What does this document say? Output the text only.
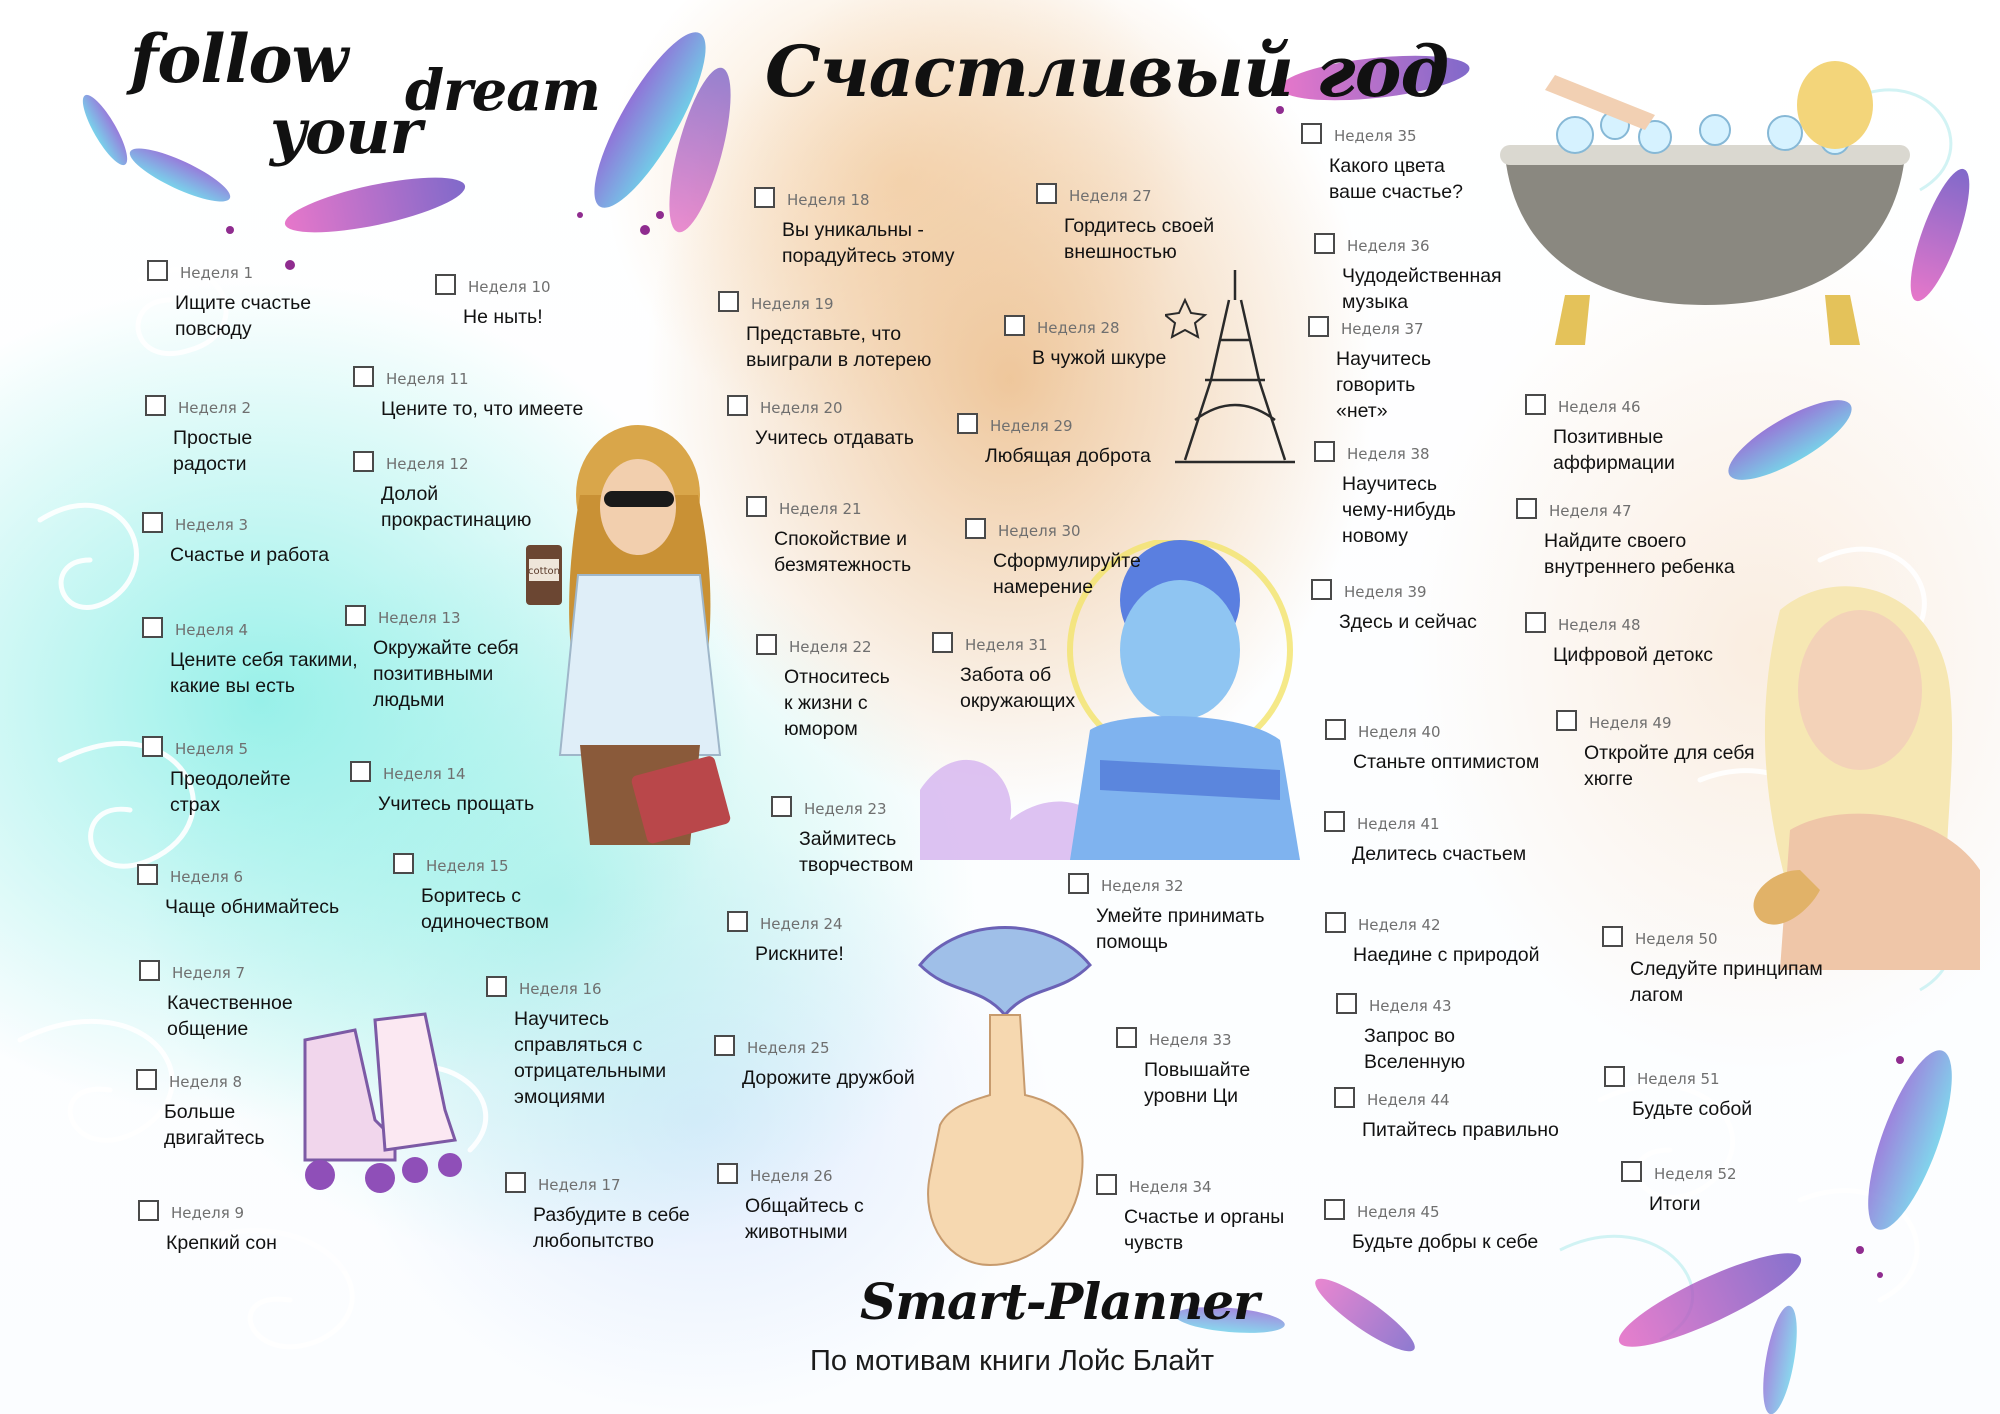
cotton
follow
your
dream Счастливый год
Неделя 1
Ищите счастье
повсюду
Неделя 2
Простые
радости
Неделя 3
Счастье и работа
Неделя 4
Цените себя такими,
какие вы есть
Неделя 5
Преодолейте
страх
Неделя 6
Чаще обнимайтесь
Неделя 7
Качественное
общение
Неделя 8
Больше
двигайтесь
Неделя 9
Крепкий сон
Неделя 10
Не ныть!
Неделя 11
Цените то, что имеете
Неделя 12
Долой
прокрастинацию
Неделя 13
Окружайте себя
позитивными
людьми
Неделя 14
Учитесь прощать
Неделя 15
Боритесь с
одиночеством
Неделя 16
Научитесь
справляться с
отрицательными
эмоциями
Неделя 17
Разбудите в себе
любопытство
Неделя 18
Вы уникальны -
порадуйтесь этому
Неделя 19
Представьте, что
выиграли в лотерею
Неделя 20
Учитесь отдавать
Неделя 21
Спокойствие и
безмятежность
Неделя 22
Относитесь
к жизни с
юмором
Неделя 23
Займитесь
творчеством
Неделя 24
Рискните!
Неделя 25
Дорожите дружбой
Неделя 26
Общайтесь с
животными
Неделя 27
Гордитесь своей
внешностью
Неделя 28
В чужой шкуре
Неделя 29
Любящая доброта
Неделя 30
Сформулируйте
намерение
Неделя 31
Забота об
окружающих
Неделя 32
Умейте принимать
помощь
Неделя 33
Повышайте
уровни Ци
Неделя 34
Счастье и органы
чувств
Неделя 35
Какого цвета
ваше счастье?
Неделя 36
Чудодейственная
музыка
Неделя 37
Научитесь
говорить
«нет»
Неделя 38
Научитесь
чему-нибудь
новому
Неделя 39
Здесь и сейчас
Неделя 40
Станьте оптимистом
Неделя 41
Делитесь счастьем
Неделя 42
Наедине с природой
Неделя 43
Запрос во
Вселенную
Неделя 44
Питайтесь правильно
Неделя 45
Будьте добры к себе
Неделя 46
Позитивные
аффирмации
Неделя 47
Найдите своего
внутреннего ребенка
Неделя 48
Цифровой детокс
Неделя 49
Откройте для себя
хюгге
Неделя 50
Следуйте принципам
лагом
Неделя 51
Будьте собой
Неделя 52
Итоги
Smart-Planner
По мотивам книги Лойс Блайт
